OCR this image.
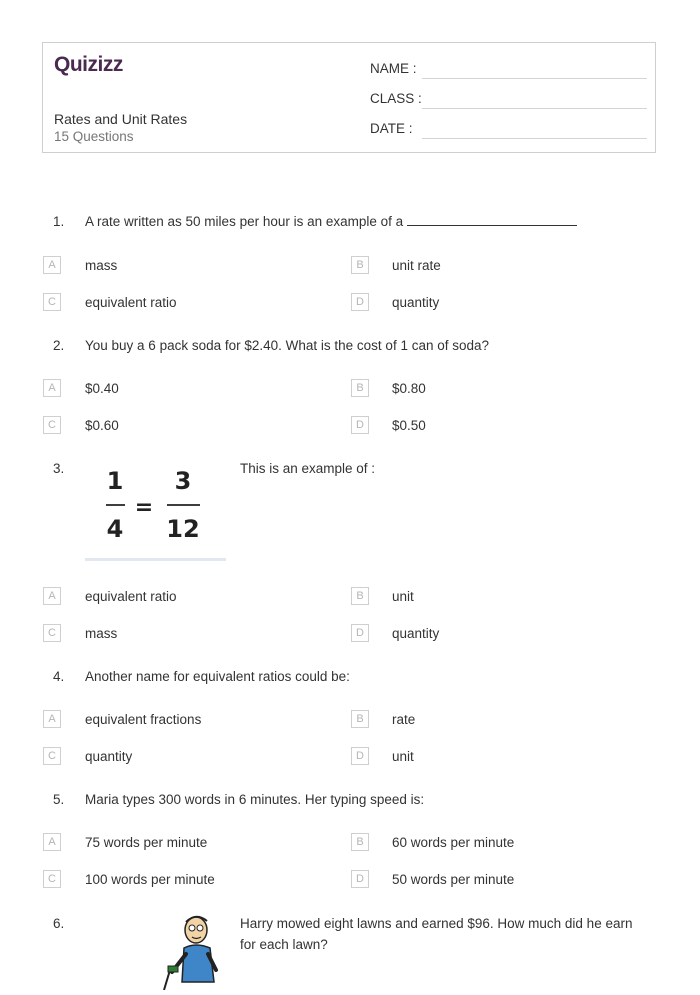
Quizizz
Rates and Unit Rates
15 Questions
NAME :
CLASS :
DATE :
1. A rate written as 50 miles per hour is an example of a
A	mass	B	unit rate
C	equivalent ratio	D	quantity
2. You buy a 6 pack soda for $2.40. What is the cost of 1 can of soda?
A	$0.40	B	$0.80
C	$0.60	D	$0.50
3. 1
4
=
3
12
This is an example of :
A	equivalent ratio	B	unit
C	mass	D	quantity
4. Another name for equivalent ratios could be:
A	equivalent fractions	B	rate
C	quantity	D	unit
5. Maria types 300 words in 6 minutes. Her typing speed is:
A	75 words per minute	B	60 words per minute
C	100 words per minute	D	50 words per minute
6.	Harry mowed eight lawns and earned $96. How much did he earn for each lawn?
